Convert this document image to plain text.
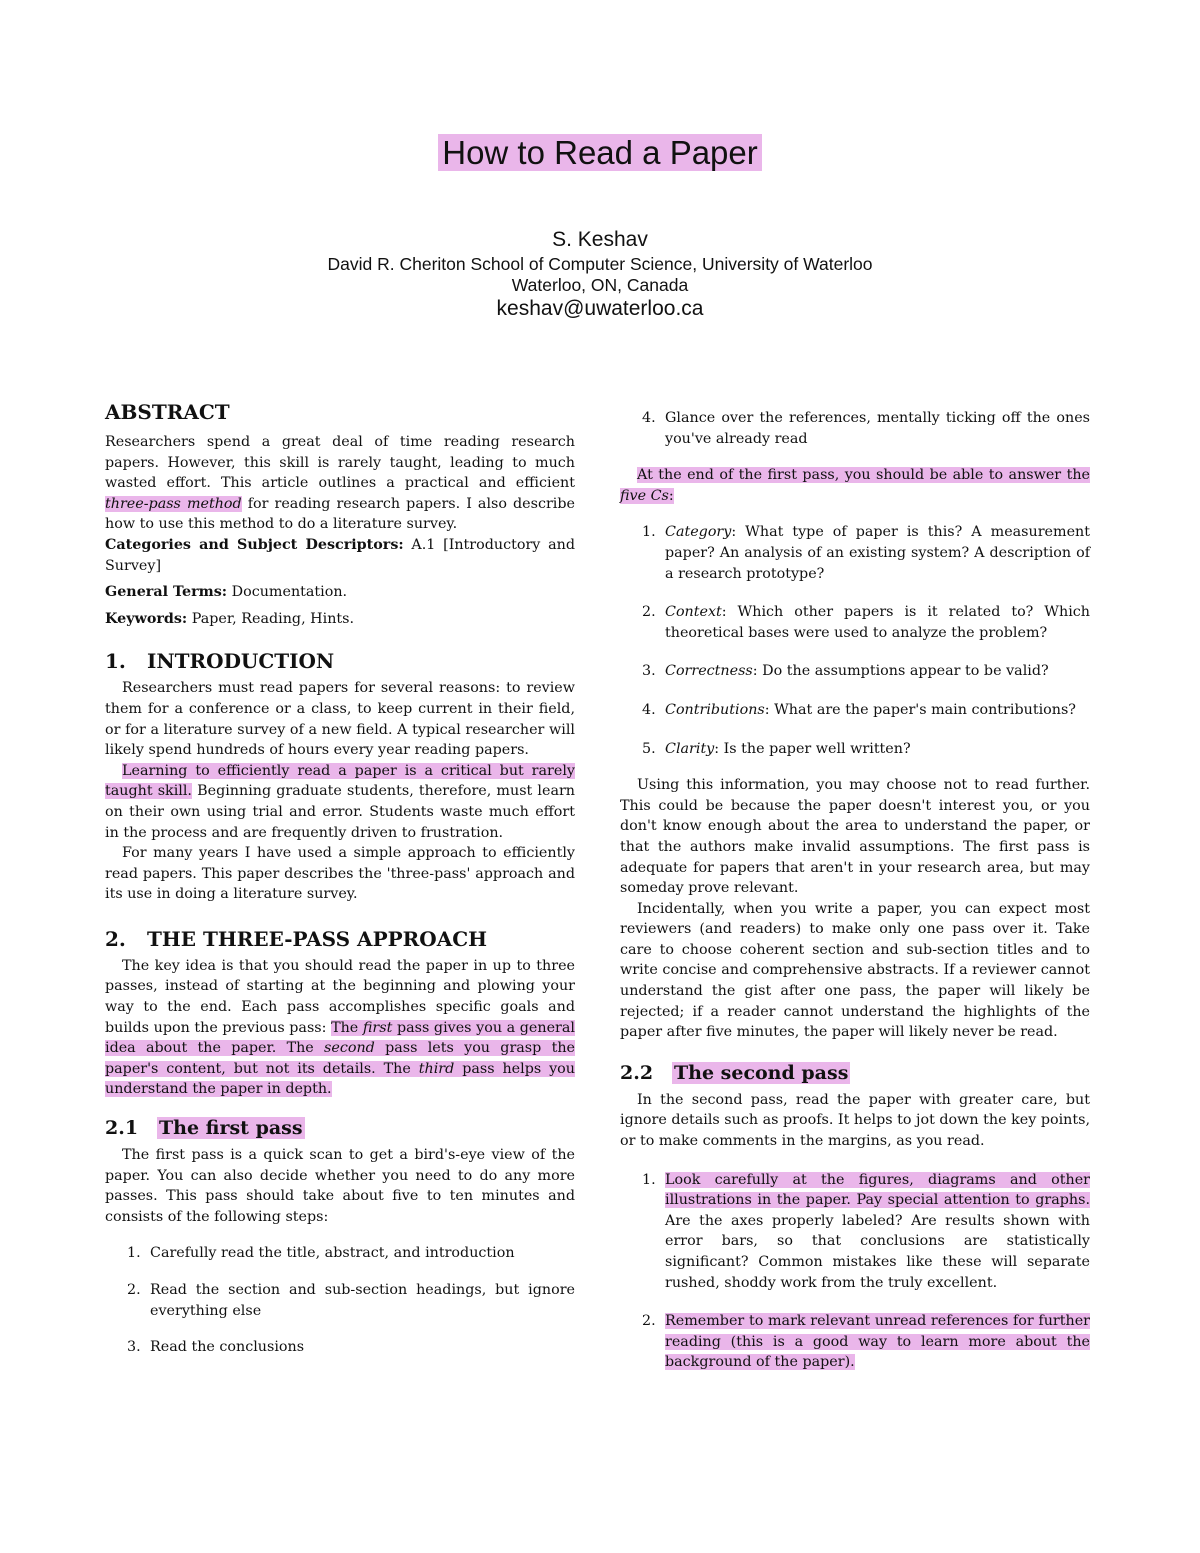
How to Read a Paper
S. Keshav
David R. Cheriton School of Computer Science, University of Waterloo
Waterloo, ON, Canada
keshav@uwaterloo.ca
ABSTRACT

Researchers spend a great deal of time reading research papers. However, this skill is rarely taught, leading to much wasted effort. This article outlines a practical and efficient three-pass method for reading research papers. I also describe how to use this method to do a literature survey.

Categories and Subject Descriptors: A.1 [Introductory and Survey]

General Terms: Documentation.

Keywords: Paper, Reading, Hints.

1. INTRODUCTION

Researchers must read papers for several reasons: to review them for a conference or a class, to keep current in their field, or for a literature survey of a new field. A typical researcher will likely spend hundreds of hours every year reading papers.

Learning to efficiently read a paper is a critical but rarely taught skill. Beginning graduate students, therefore, must learn on their own using trial and error. Students waste much effort in the process and are frequently driven to frustration.

For many years I have used a simple approach to efficiently read papers. This paper describes the 'three-pass' approach and its use in doing a literature survey.

2. THE THREE-PASS APPROACH

The key idea is that you should read the paper in up to three passes, instead of starting at the beginning and plowing your way to the end. Each pass accomplishes specific goals and builds upon the previous pass: The first pass gives you a general idea about the paper. The second pass lets you grasp the paper's content, but not its details. The third pass helps you understand the paper in depth.

2.1 The first pass

The first pass is a quick scan to get a bird's-eye view of the paper. You can also decide whether you need to do any more passes. This pass should take about five to ten minutes and consists of the following steps:

1. Carefully read the title, abstract, and introduction
2. Read the section and sub-section headings, but ignore everything else
3. Read the conclusions
4. Glance over the references, mentally ticking off the ones you've already read

At the end of the first pass, you should be able to answer the five Cs:

1. Category: What type of paper is this? A measurement paper? An analysis of an existing system? A description of a research prototype?
2. Context: Which other papers is it related to? Which theoretical bases were used to analyze the problem?
3. Correctness: Do the assumptions appear to be valid?
4. Contributions: What are the paper's main contributions?
5. Clarity: Is the paper well written?

Using this information, you may choose not to read further. This could be because the paper doesn't interest you, or you don't know enough about the area to understand the paper, or that the authors make invalid assumptions. The first pass is adequate for papers that aren't in your research area, but may someday prove relevant.

Incidentally, when you write a paper, you can expect most reviewers (and readers) to make only one pass over it. Take care to choose coherent section and sub-section titles and to write concise and comprehensive abstracts. If a reviewer cannot understand the gist after one pass, the paper will likely be rejected; if a reader cannot understand the highlights of the paper after five minutes, the paper will likely never be read.

2.2 The second pass

In the second pass, read the paper with greater care, but ignore details such as proofs. It helps to jot down the key points, or to make comments in the margins, as you read.

1. Look carefully at the figures, diagrams and other illustrations in the paper. Pay special attention to graphs. Are the axes properly labeled? Are results shown with error bars, so that conclusions are statistically significant? Common mistakes like these will separate rushed, shoddy work from the truly excellent.
2. Remember to mark relevant unread references for further reading (this is a good way to learn more about the background of the paper).
